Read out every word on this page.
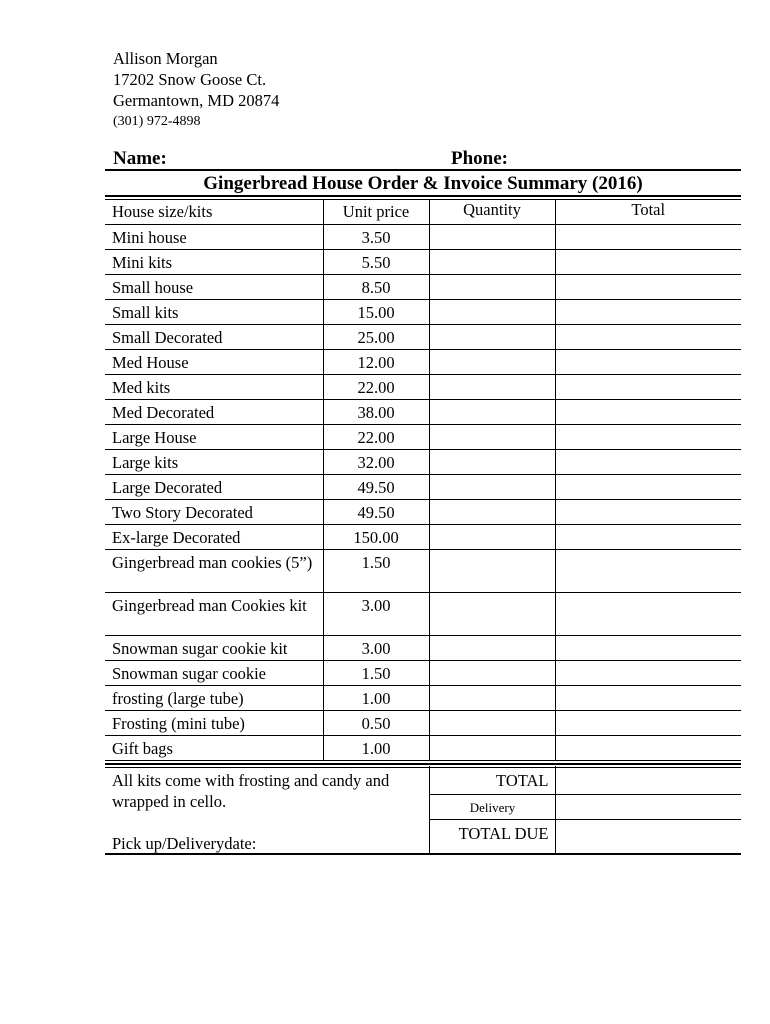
Allison Morgan
17202 Snow Goose Ct.
Germantown, MD 20874
(301) 972-4898
Name:	Phone:
Gingerbread House Order & Invoice Summary (2016)
House size/kits	Unit price	Quantity	Total
Mini house	3.50		
Mini kits	5.50		
Small house	8.50		
Small kits	15.00		
Small Decorated	25.00		
Med House	12.00		
Med kits	22.00		
Med Decorated	38.00		
Large House	22.00		
Large kits	32.00		
Large Decorated	49.50		
Two Story Decorated	49.50		
Ex-large Decorated	150.00		
Gingerbread man cookies (5”)	1.50		
Gingerbread man Cookies kit	3.00		
Snowman sugar cookie kit	3.00		
Snowman sugar cookie	1.50		
frosting (large tube)	1.00		
Frosting (mini tube)	0.50		
Gift bags	1.00		
All kits come with frosting and candy and
wrapped in cello.
Pick up/Deliverydate:	TOTAL	
	Delivery	
	TOTAL DUE	
